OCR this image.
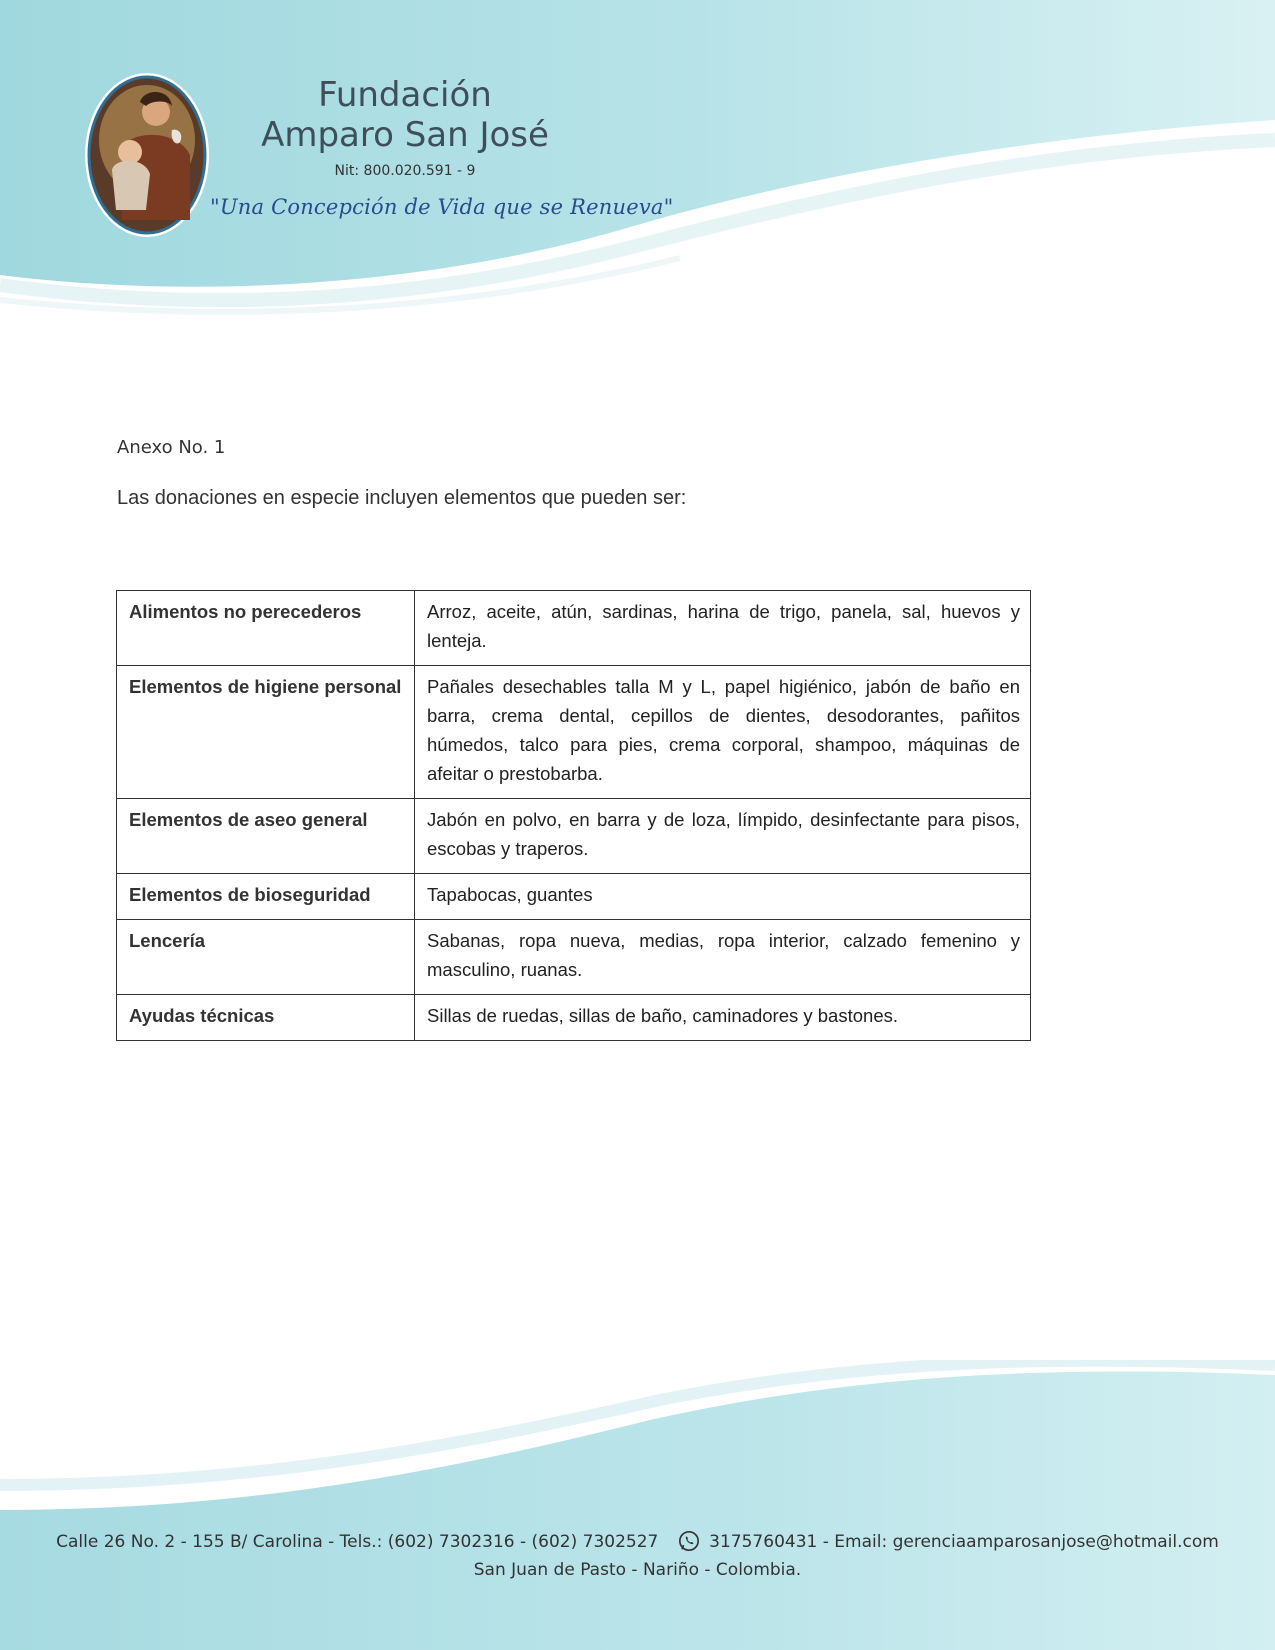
Fundación
Amparo San José
Nit: 800.020.591 - 9
"Una Concepción de Vida que se Renueva"
Anexo No. 1
Las donaciones en especie incluyen elementos que pueden ser:
Alimentos no perecederos	Arroz, aceite, atún, sardinas, harina de trigo, panela, sal, huevos y lenteja.
Elementos de higiene personal	Pañales desechables talla M y L, papel higiénico, jabón de baño en barra, crema dental, cepillos de dientes, desodorantes, pañitos húmedos, talco para pies, crema corporal, shampoo, máquinas de afeitar o prestobarba.
Elementos de aseo general	Jabón en polvo, en barra y de loza, límpido, desinfectante para pisos, escobas y traperos.
Elementos de bioseguridad	Tapabocas, guantes
Lencería	Sabanas, ropa nueva, medias, ropa interior, calzado femenino y masculino, ruanas.
Ayudas técnicas	Sillas de ruedas, sillas de baño, caminadores y bastones.
Calle 26 No. 2 - 155 B/ Carolina - Tels.: (602) 7302316 - (602) 7302527	3175760431 - Email: gerenciaamparosanjose@hotmail.com
San Juan de Pasto - Nariño - Colombia.
